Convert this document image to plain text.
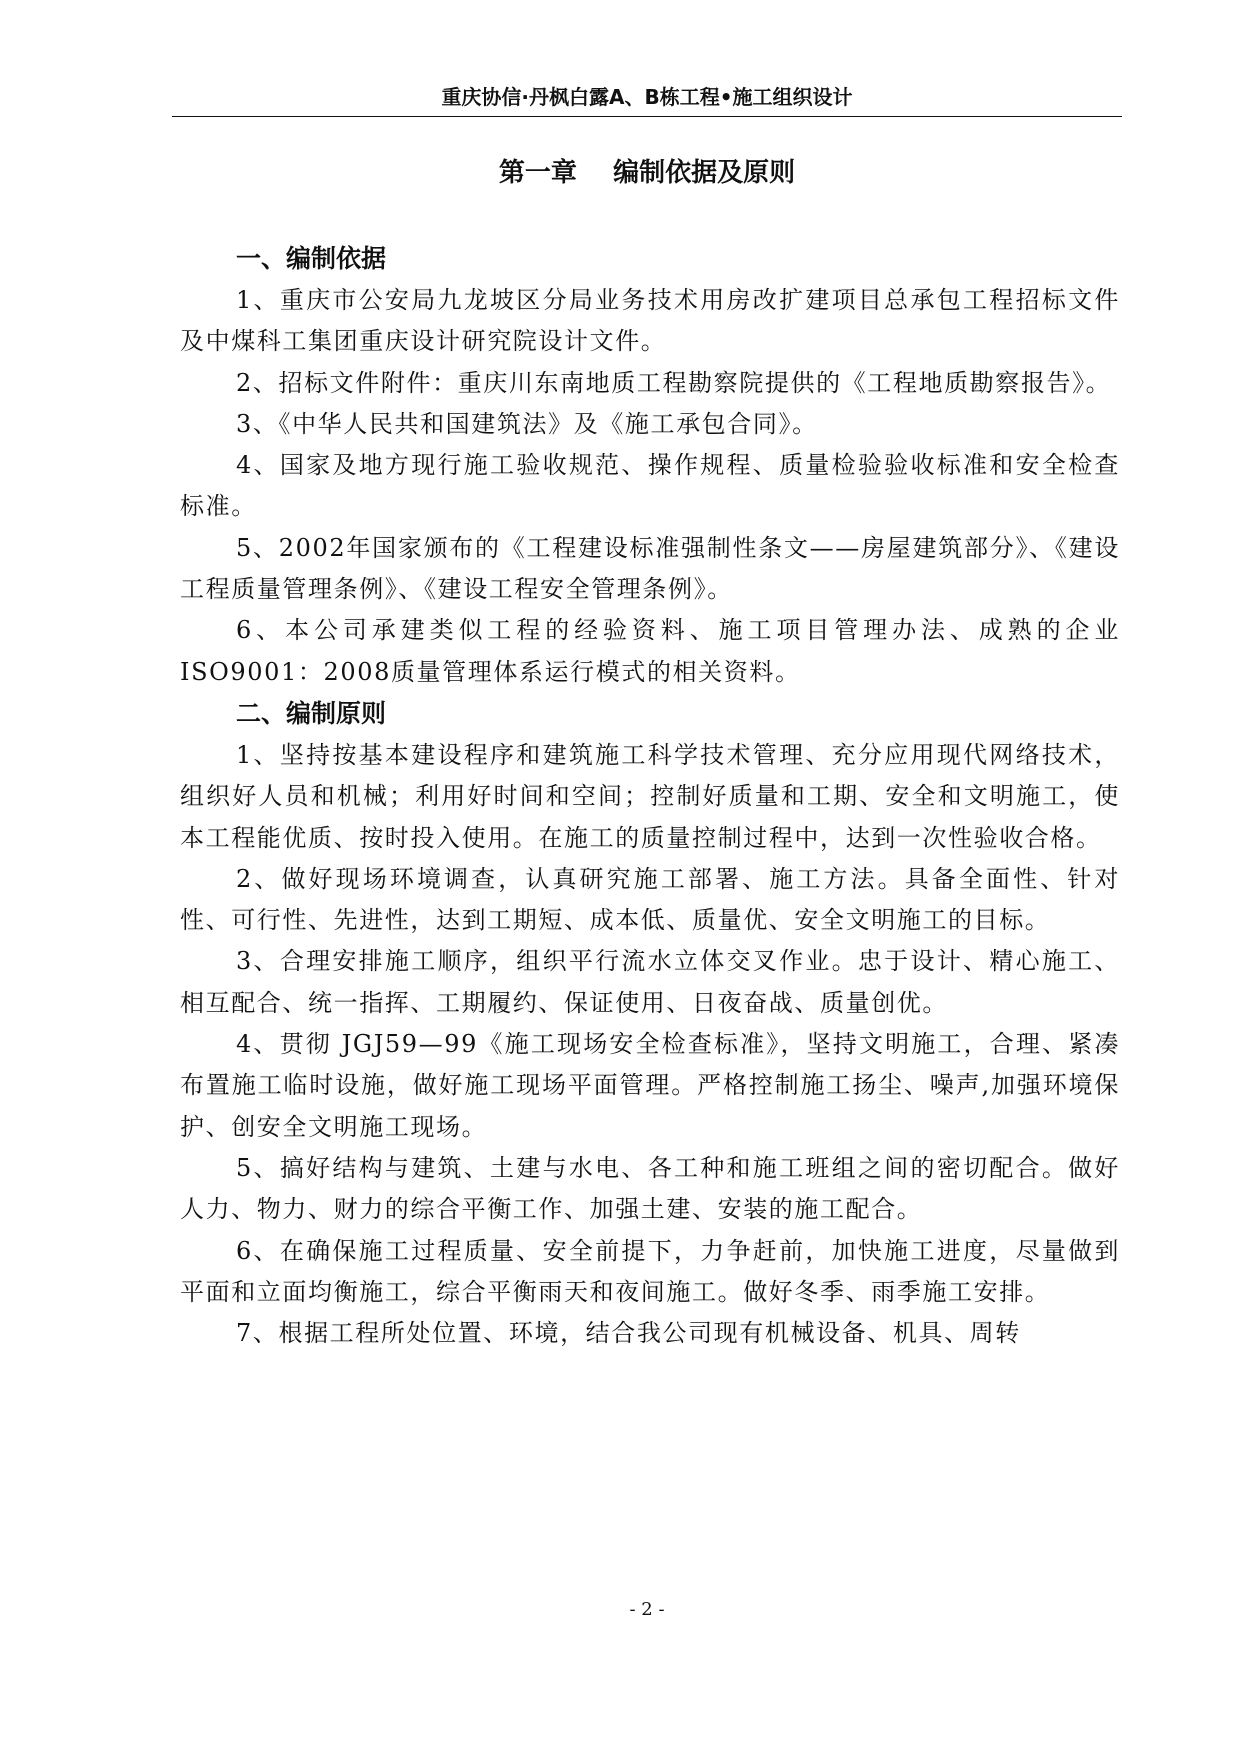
重庆协信·丹枫白露A、B栋工程•施工组织设计
第一章    编制依据及原则
一、编制依据

1、重庆市公安局九龙坡区分局业务技术用房改扩建项目总承包工程招标文件及中煤科工集团重庆设计研究院设计文件。

2、招标文件附件：重庆川东南地质工程勘察院提供的《工程地质勘察报告》。

3、《中华人民共和国建筑法》及《施工承包合同》。

4、国家及地方现行施工验收规范、操作规程、质量检验验收标准和安全检查标准。

5、2002年国家颁布的《工程建设标准强制性条文——房屋建筑部分》、《建设工程质量管理条例》、《建设工程安全管理条例》。

6、本公司承建类似工程的经验资料、施工项目管理办法、成熟的企业ISO9001：2008质量管理体系运行模式的相关资料。

二、编制原则

1、坚持按基本建设程序和建筑施工科学技术管理、充分应用现代网络技术，组织好人员和机械；利用好时间和空间；控制好质量和工期、安全和文明施工，使本工程能优质、按时投入使用。在施工的质量控制过程中，达到一次性验收合格。

2、做好现场环境调查，认真研究施工部署、施工方法。具备全面性、针对性、可行性、先进性，达到工期短、成本低、质量优、安全文明施工的目标。

3、合理安排施工顺序，组织平行流水立体交叉作业。忠于设计、精心施工、相互配合、统一指挥、工期履约、保证使用、日夜奋战、质量创优。

4、贯彻 JGJ59—99《施工现场安全检查标准》，坚持文明施工，合理、紧凑布置施工临时设施，做好施工现场平面管理。严格控制施工扬尘、噪声,加强环境保护、创安全文明施工现场。

5、搞好结构与建筑、土建与水电、各工种和施工班组之间的密切配合。做好人力、物力、财力的综合平衡工作、加强土建、安装的施工配合。

6、在确保施工过程质量、安全前提下，力争赶前，加快施工进度，尽量做到平面和立面均衡施工，综合平衡雨天和夜间施工。做好冬季、雨季施工安排。

7、根据工程所处位置、环境，结合我公司现有机械设备、机具、周转

- 2 -
